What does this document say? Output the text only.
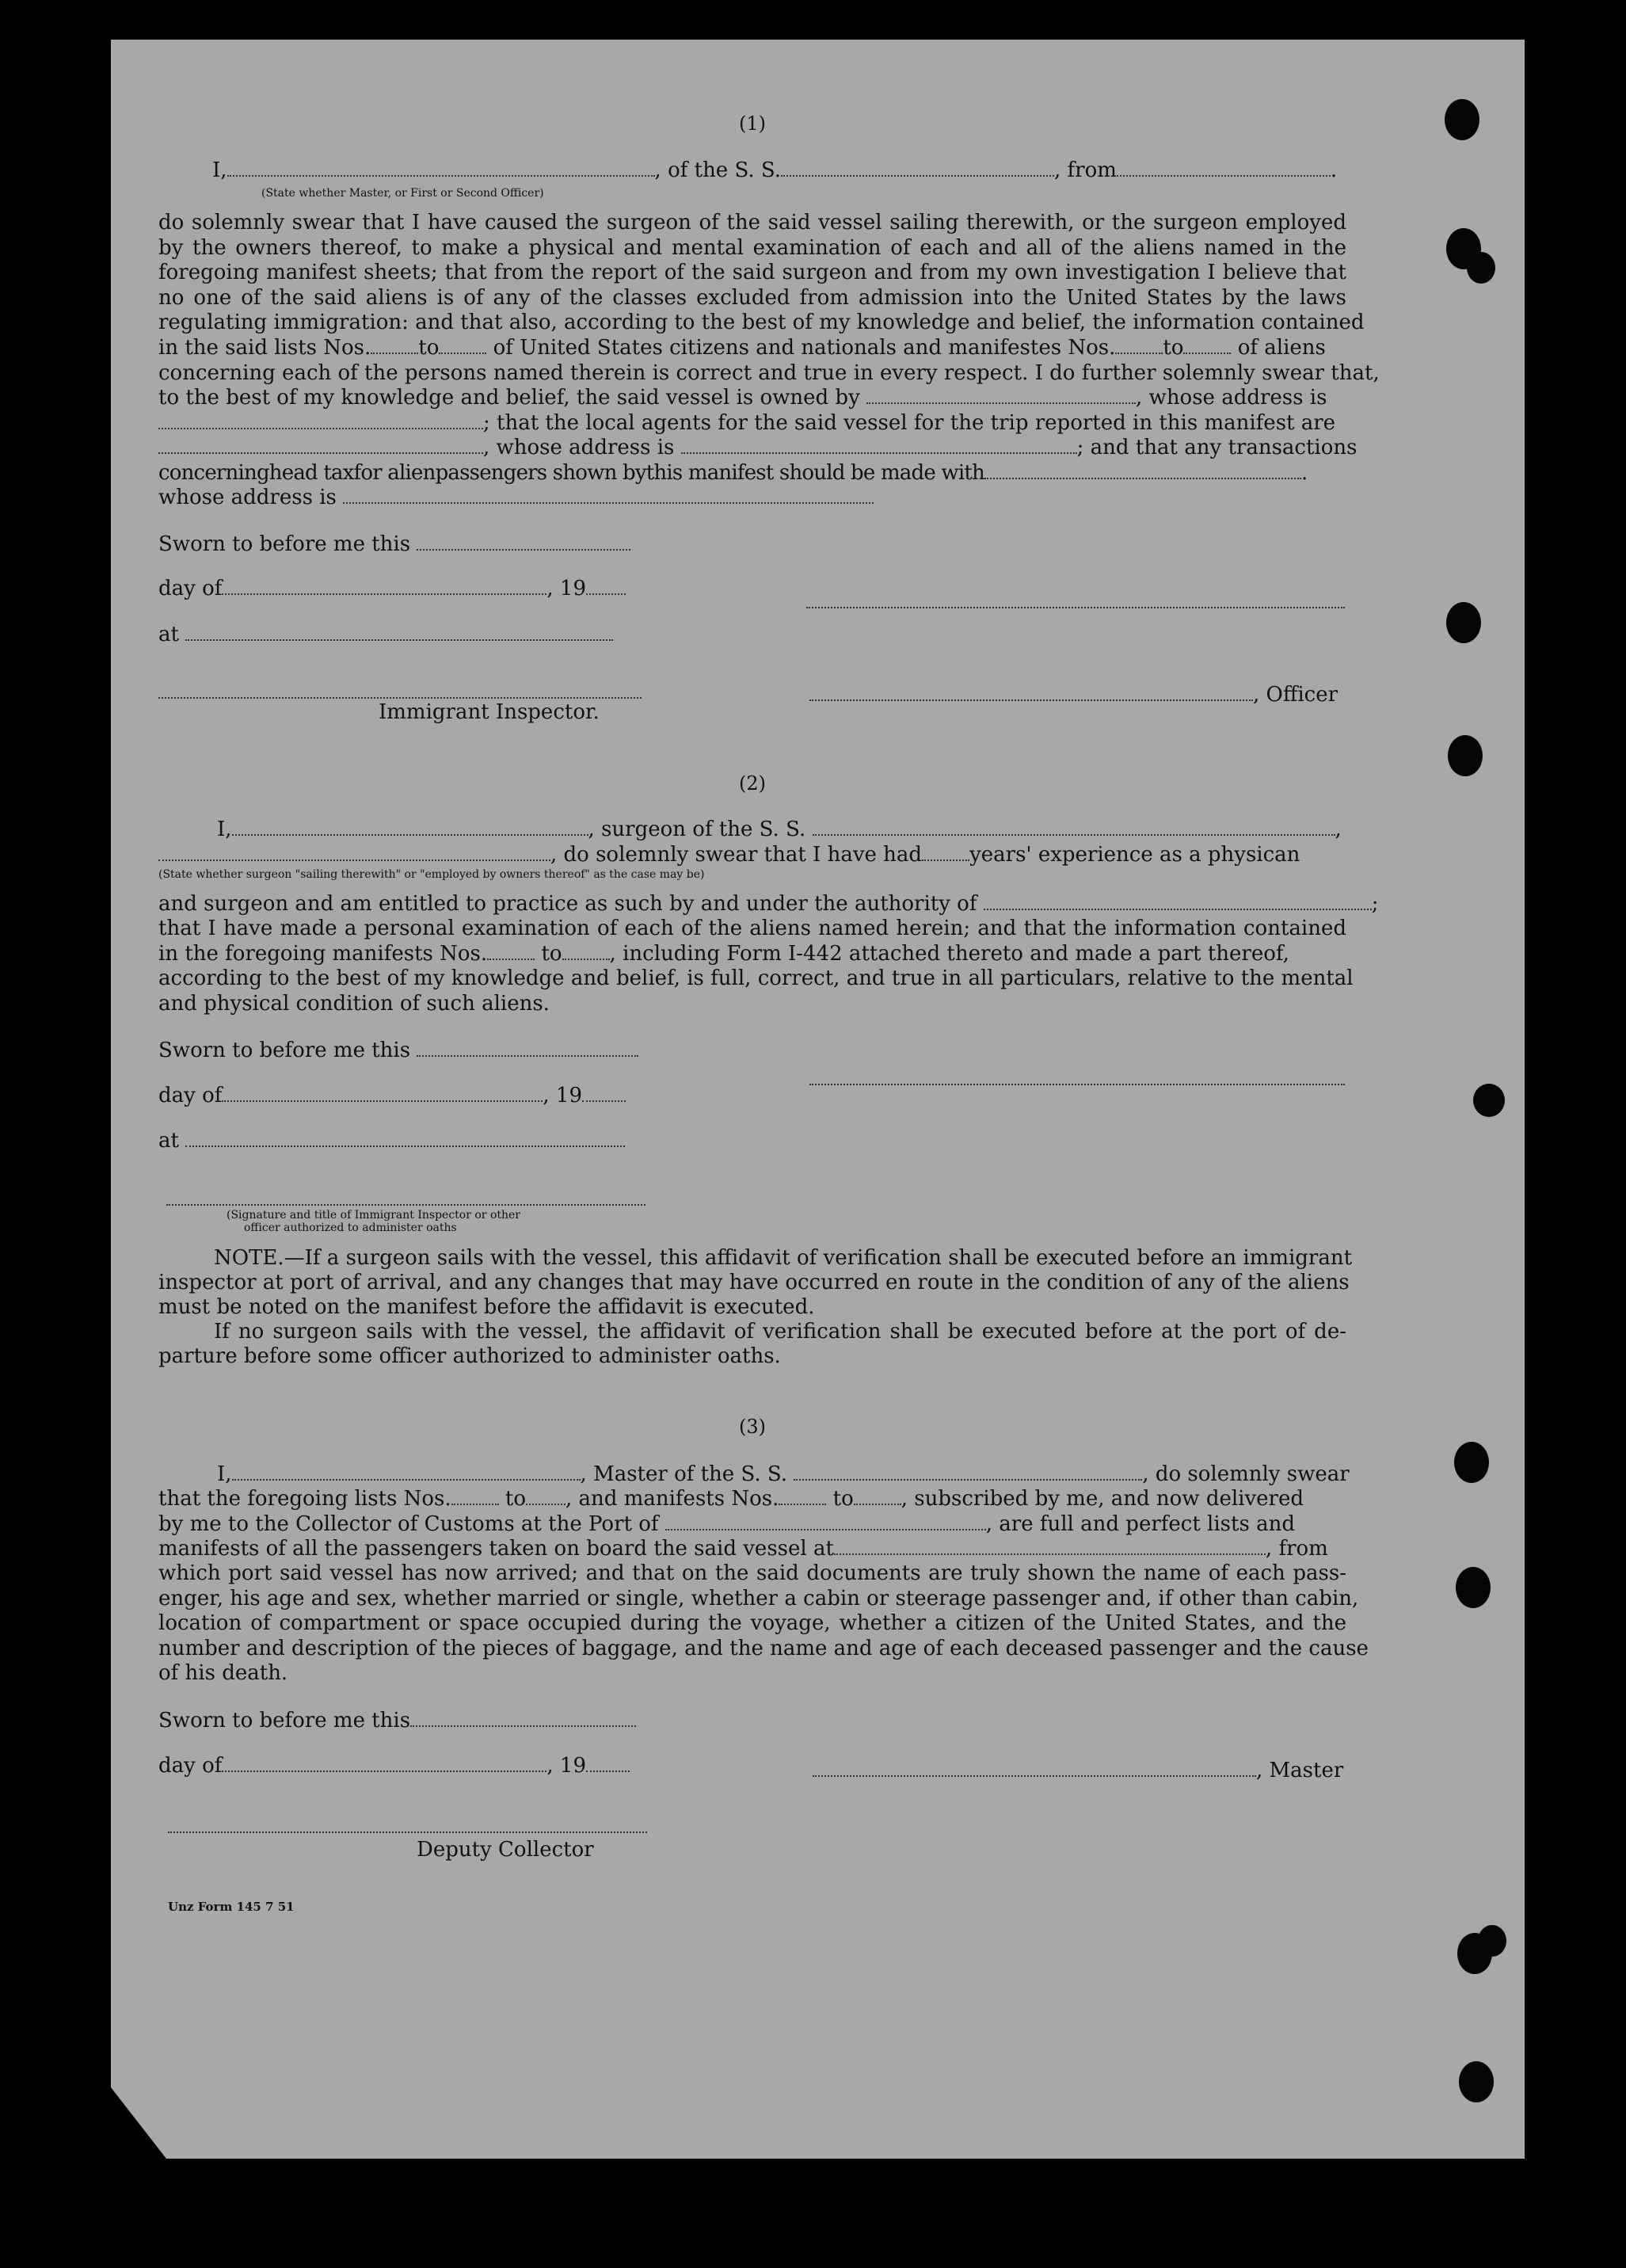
(1)
I,	, of the S. S.	, from	.
(State whether Master, or First or Second Officer)
do solemnly swear that I have caused the surgeon of the said vessel sailing therewith, or the surgeon employed
by the owners thereof, to make a physical and mental examination of each and all of the aliens named in the
foregoing manifest sheets; that from the report of the said surgeon and from my own investigation I believe that
no one of the said aliens is of any of the classes excluded from admission into the United States by the laws
regulating immigration: and that also, according to the best of my knowledge and belief, the information contained
in the said lists Nos. to	of United States citizens and nationals and manifestes Nos. to	of aliens
concerning each of the persons named therein is correct and true in every respect. I do further solemnly swear that,
to the best of my knowledge and belief, the said vessel is owned by	, whose address is
; that the local agents for the said vessel for the trip reported in this manifest are
, whose address is	; and that any transactions
concerninghead taxfor alienpassengers shown bythis manifest should be made with	.
whose address is
Sworn to before me this
day of	, 19
at
, Officer
Immigrant Inspector.
(2)
I,	, surgeon of the S. S.	,
, do solemnly swear that I have had years' experience as a physican
(State whether surgeon "sailing therewith" or "employed by owners thereof" as the case may be)
and surgeon and am entitled to practice as such by and under the authority of	;
that I have made a personal examination of each of the aliens named herein; and that the information contained
in the foregoing manifests Nos.	to , including Form I-442 attached thereto and made a part thereof,
according to the best of my knowledge and belief, is full, correct, and true in all particulars, relative to the mental
and physical condition of such aliens.
Sworn to before me this
day of	, 19
at
(Signature and title of Immigrant Inspector or other
officer authorized to administer oaths
NOTE.—If a surgeon sails with the vessel, this affidavit of verification shall be executed before an immigrant
inspector at port of arrival, and any changes that may have occurred en route in the condition of any of the aliens
must be noted on the manifest before the affidavit is executed.
If no surgeon sails with the vessel, the affidavit of verification shall be executed before at the port of de-
parture before some officer authorized to administer oaths.
(3)
I,	, Master of the S. S.	, do solemnly swear
that the foregoing lists Nos.	to , and manifests Nos.	to , subscribed by me, and now delivered
by me to the Collector of Customs at the Port of	, are full and perfect lists and
manifests of all the passengers taken on board the said vessel at	, from
which port said vessel has now arrived; and that on the said documents are truly shown the name of each pass-
enger, his age and sex, whether married or single, whether a cabin or steerage passenger and, if other than cabin,
location of compartment or space occupied during the voyage, whether a citizen of the United States, and the
number and description of the pieces of baggage, and the name and age of each deceased passenger and the cause
of his death.
Sworn to before me this
day of	, 19	, Master
Deputy Collector
Unz Form 145 7 51
